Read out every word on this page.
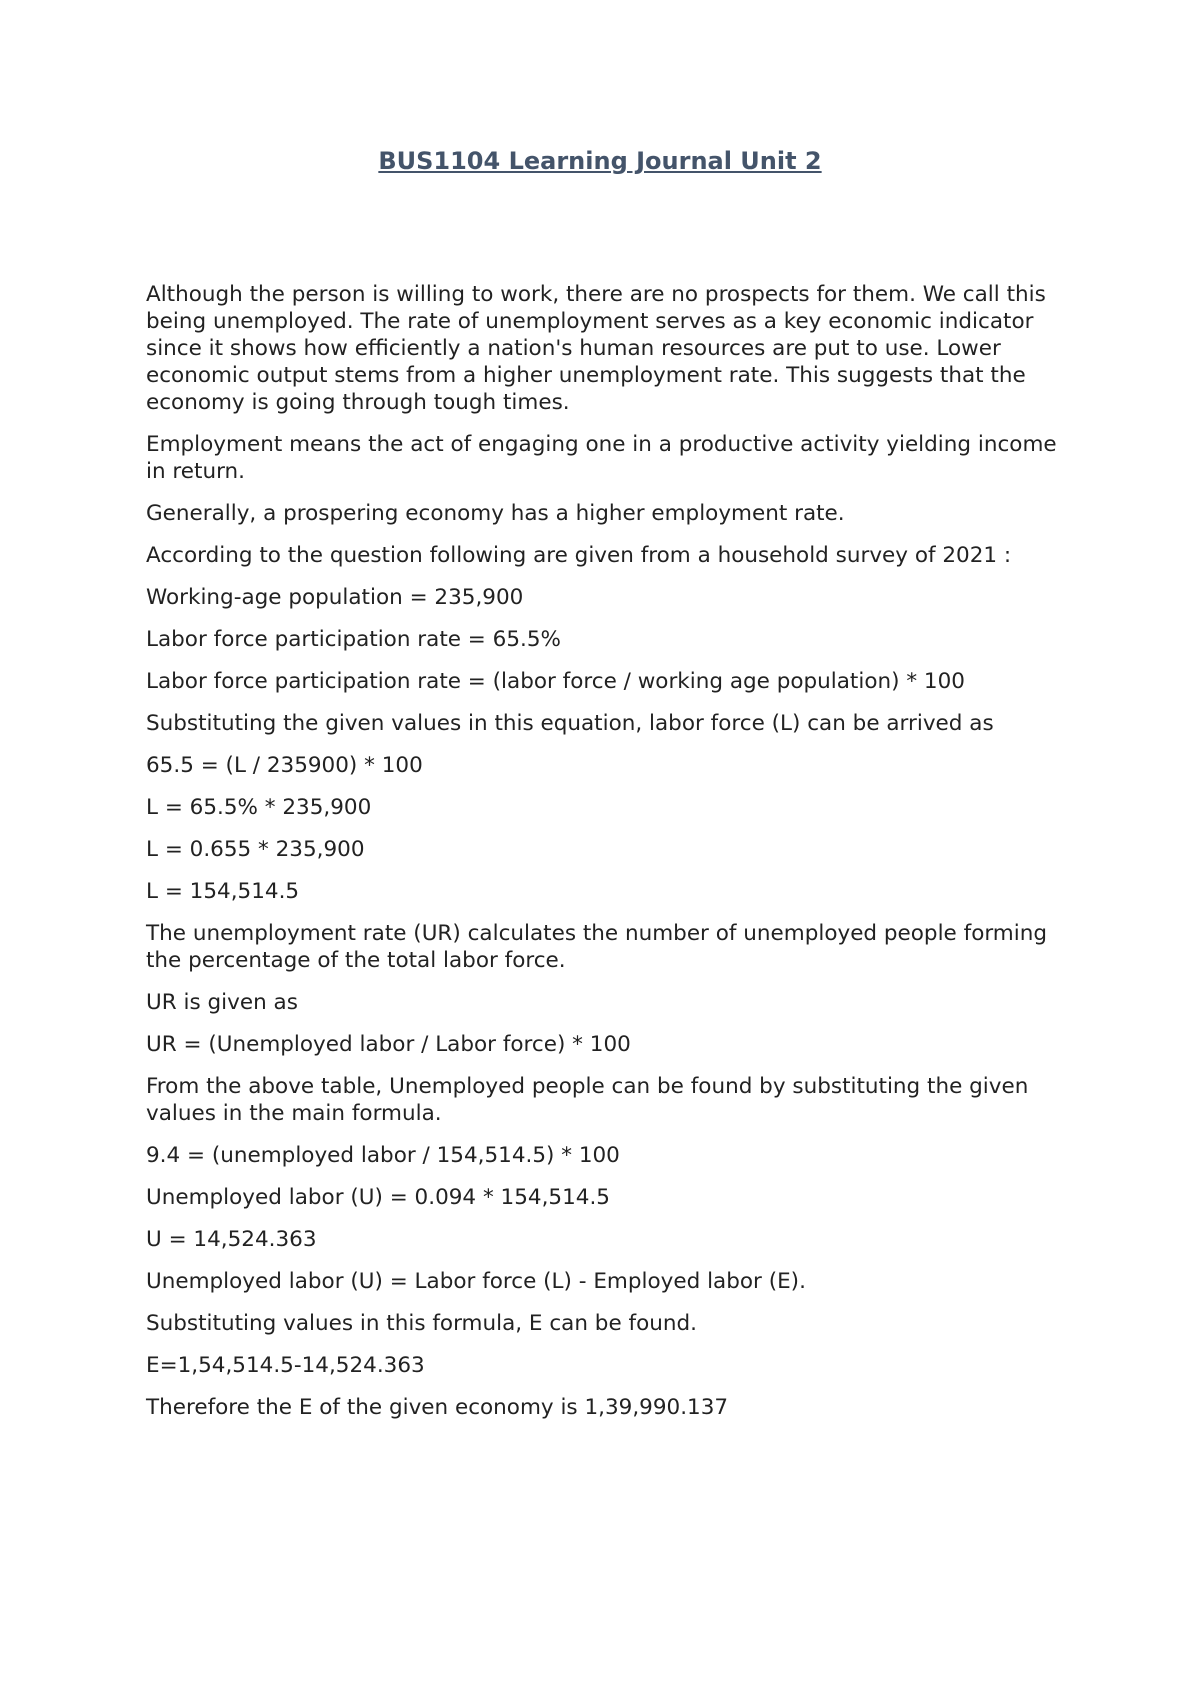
BUS1104 Learning Journal Unit 2

Although the person is willing to work, there are no prospects for them. We call this being unemployed. The rate of unemployment serves as a key economic indicator since it shows how efficiently a nation's human resources are put to use. Lower economic output stems from a higher unemployment rate. This suggests that the economy is going through tough times.

Employment means the act of engaging one in a productive activity yielding income in return.

Generally, a prospering economy has a higher employment rate.

According to the question following are given from a household survey of 2021 :

Working-age population = 235,900

Labor force participation rate = 65.5%

Labor force participation rate = (labor force / working age population) * 100

Substituting the given values in this equation, labor force (L) can be arrived as

65.5 = (L / 235900) * 100

L = 65.5% * 235,900

L = 0.655 * 235,900

L = 154,514.5

The unemployment rate (UR) calculates the number of unemployed people forming the percentage of the total labor force.

UR is given as

UR = (Unemployed labor / Labor force) * 100

From the above table, Unemployed people can be found by substituting the given values in the main formula.

9.4 = (unemployed labor / 154,514.5) * 100

Unemployed labor (U) = 0.094 * 154,514.5

U = 14,524.363

Unemployed labor (U) = Labor force (L) - Employed labor (E).

Substituting values in this formula, E can be found.

E=1,54,514.5-14,524.363

Therefore the E of the given economy is 1,39,990.137
